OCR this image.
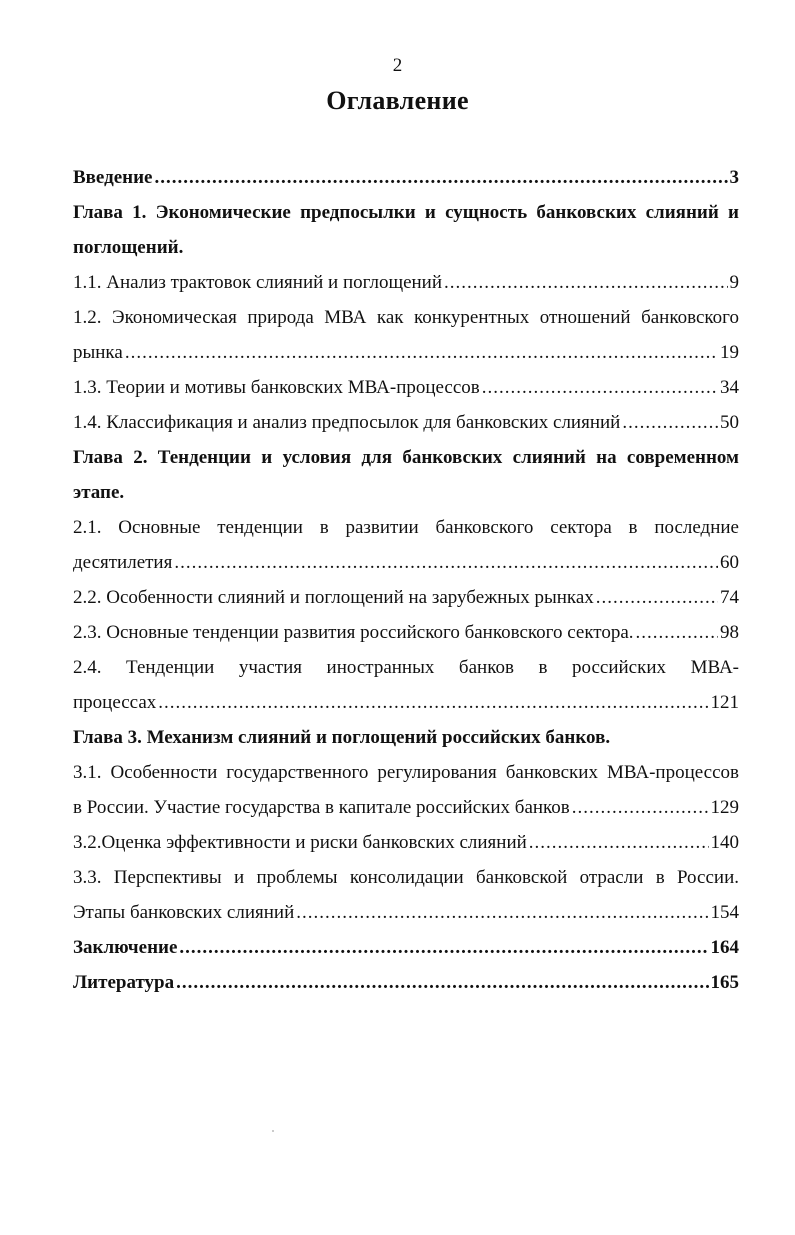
2
Оглавление
Введение .....	3
Глава 1. Экономические предпосылки и сущность банковских слияний и
поглощений.
1.1. Анализ трактовок слияний и поглощений .....	9
1.2. Экономическая природа МВА как конкурентных отношений банковского
рынка .....	19
1.3. Теории и мотивы банковских МВА-процессов .....	34
1.4. Классификация и анализ предпосылок для банковских слияний .....	50
Глава 2. Тенденции и условия для банковских слияний на современном
этапе.
2.1. Основные тенденции в развитии банковского сектора в последние
десятилетия .....	60
2.2. Особенности слияний и поглощений на зарубежных рынках .....	74
2.3. Основные тенденции развития российского банковского сектора. .....	98
2.4. Тенденции участия иностранных банков в российских МВА-
процессах .....	121
Глава 3. Механизм слияний и поглощений российских банков.
3.1. Особенности государственного регулирования банковских МВА-процессов
в России. Участие государства в капитале российских банков .....	129
3.2.Оценка эффективности и риски банковских слияний .....	140
3.3. Перспективы и проблемы консолидации банковской отрасли в России.
Этапы банковских слияний .....	154
Заключение .....	164
Литература .....	165
